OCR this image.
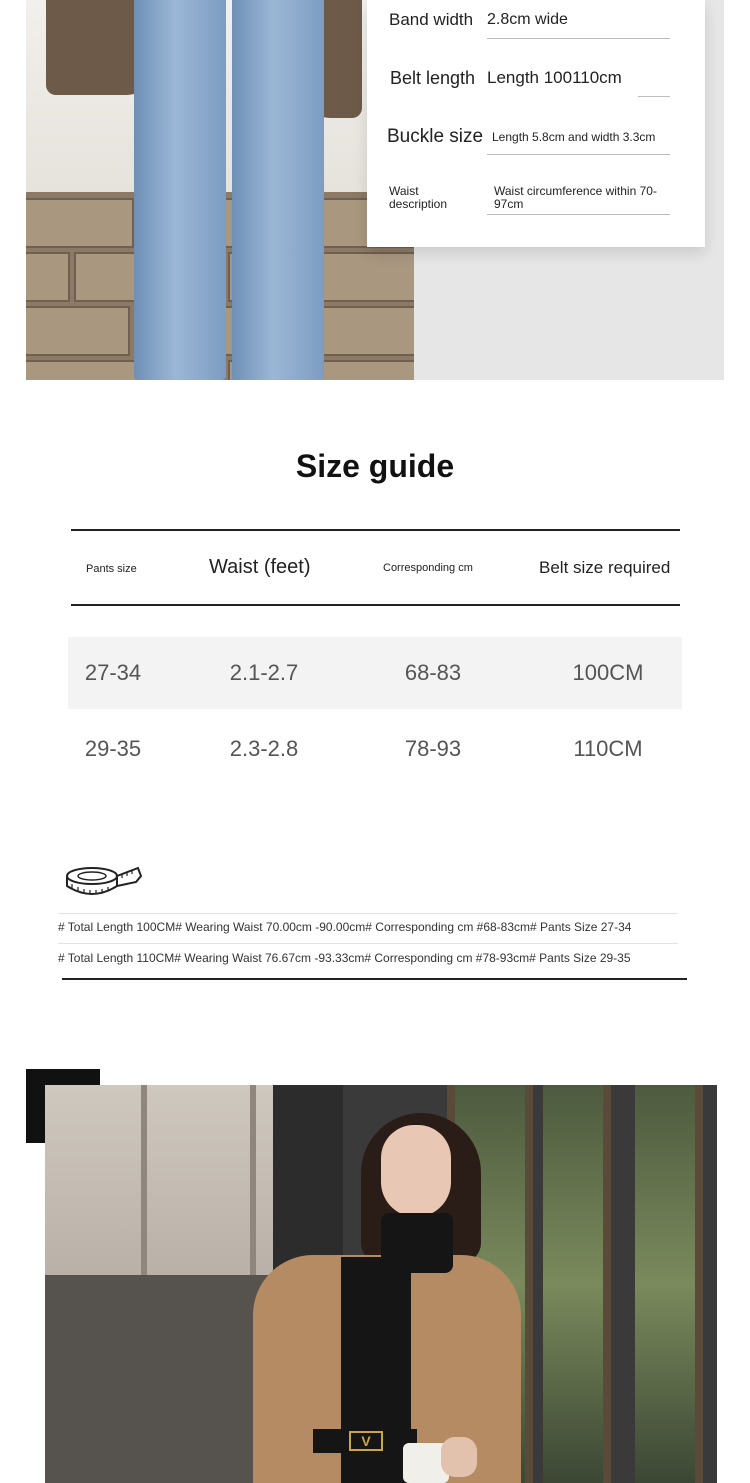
Band width 2.8cm wide
Belt length Length 100110cm
Buckle size Length 5.8cm and width 3.3cm
Waist description
Waist circumference within 70-97cm
Size guide
Pants size	Waist (feet)	Corresponding cm	Belt size required
27-34	2.1-2.7	68-83	100CM
29-35	2.3-2.8	78-93	110CM
# Total Length 100CM# Wearing Waist 70.00cm -90.00cm# Corresponding cm #68-83cm# Pants Size 27-34
# Total Length 110CM# Wearing Waist 76.67cm -93.33cm# Corresponding cm #78-93cm# Pants Size 29-35
V
